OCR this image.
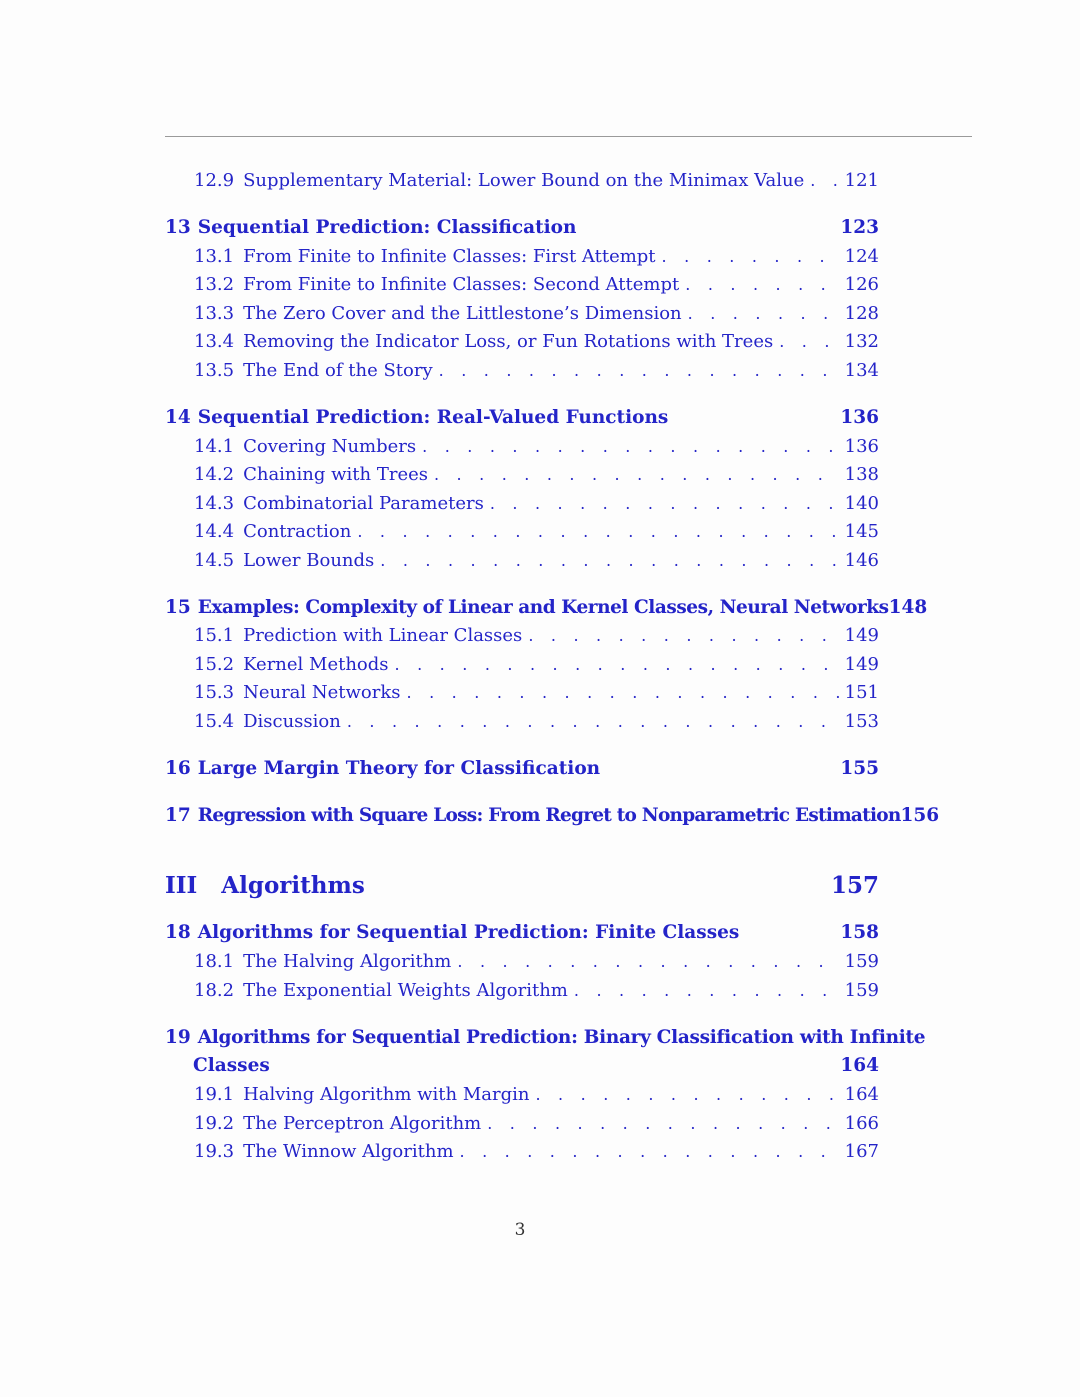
12.9 Supplementary Material: Lower Bound on the Minimax Value . . . 121
13 Sequential Prediction: Classification	123
13.1 From Finite to Infinite Classes: First Attempt . . .	124
13.2 From Finite to Infinite Classes: Second Attempt . . .	126
13.3 The Zero Cover and the Littlestone’s Dimension . . .	128
13.4 Removing the Indicator Loss, or Fun Rotations with Trees . . .	132
13.5 The End of the Story . . .	134
14 Sequential Prediction: Real-Valued Functions	136
14.1 Covering Numbers . . .	136
14.2 Chaining with Trees . . .	138
14.3 Combinatorial Parameters . . .	140
14.4 Contraction . . .	145
14.5 Lower Bounds . . .	146
15 Examples: Complexity of Linear and Kernel Classes, Neural Networks 148
15.1 Prediction with Linear Classes . . .	149
15.2 Kernel Methods . . .	149
15.3 Neural Networks . . .	151
15.4 Discussion . . .	153
16 Large Margin Theory for Classification	155
17 Regression with Square Loss: From Regret to Nonparametric Estimation 156
III Algorithms	157
18 Algorithms for Sequential Prediction: Finite Classes	158
18.1 The Halving Algorithm . . .	159
18.2 The Exponential Weights Algorithm . . .	159
19 Algorithms for Sequential Prediction: Binary Classification with Infinite
Classes	164
19.1 Halving Algorithm with Margin . . .	164
19.2 The Perceptron Algorithm . . .	166
19.3 The Winnow Algorithm . . .	167
3
